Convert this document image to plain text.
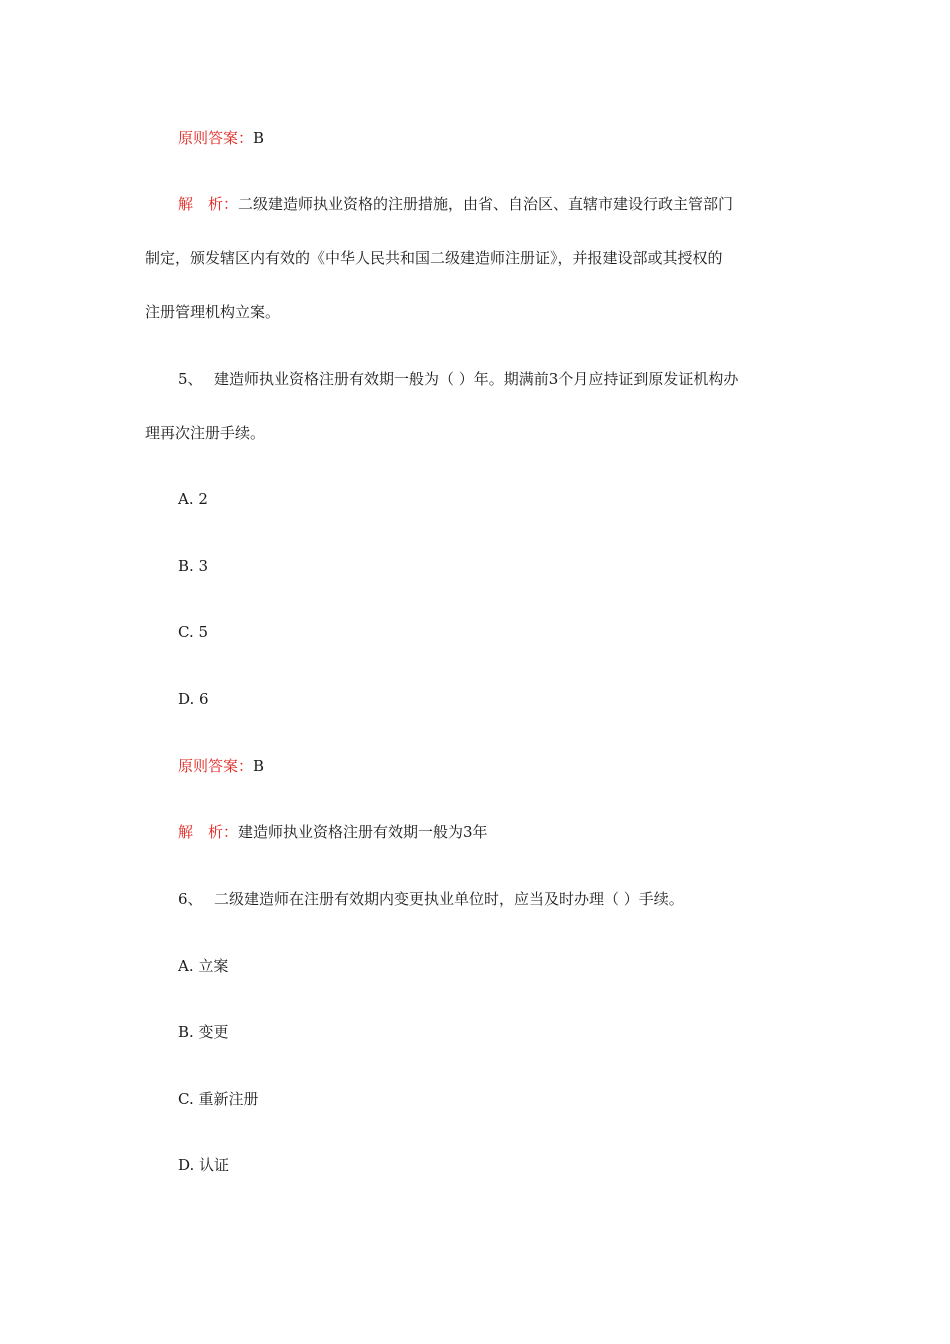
原则答案：B
解　析：二级建造师执业资格的注册措施，由省、自治区、直辖市建设行政主管部门
制定，颁发辖区内有效的《中华人民共和国二级建造师注册证》，并报建设部或其授权的
注册管理机构立案。
5、 建造师执业资格注册有效期一般为（ ）年。期满前3个月应持证到原发证机构办
理再次注册手续。
A. 2
B. 3
C. 5
D. 6
原则答案：B
解　析：建造师执业资格注册有效期一般为3年
6、 二级建造师在注册有效期内变更执业单位时，应当及时办理（ ）手续。
A. 立案
B. 变更
C. 重新注册
D. 认证
